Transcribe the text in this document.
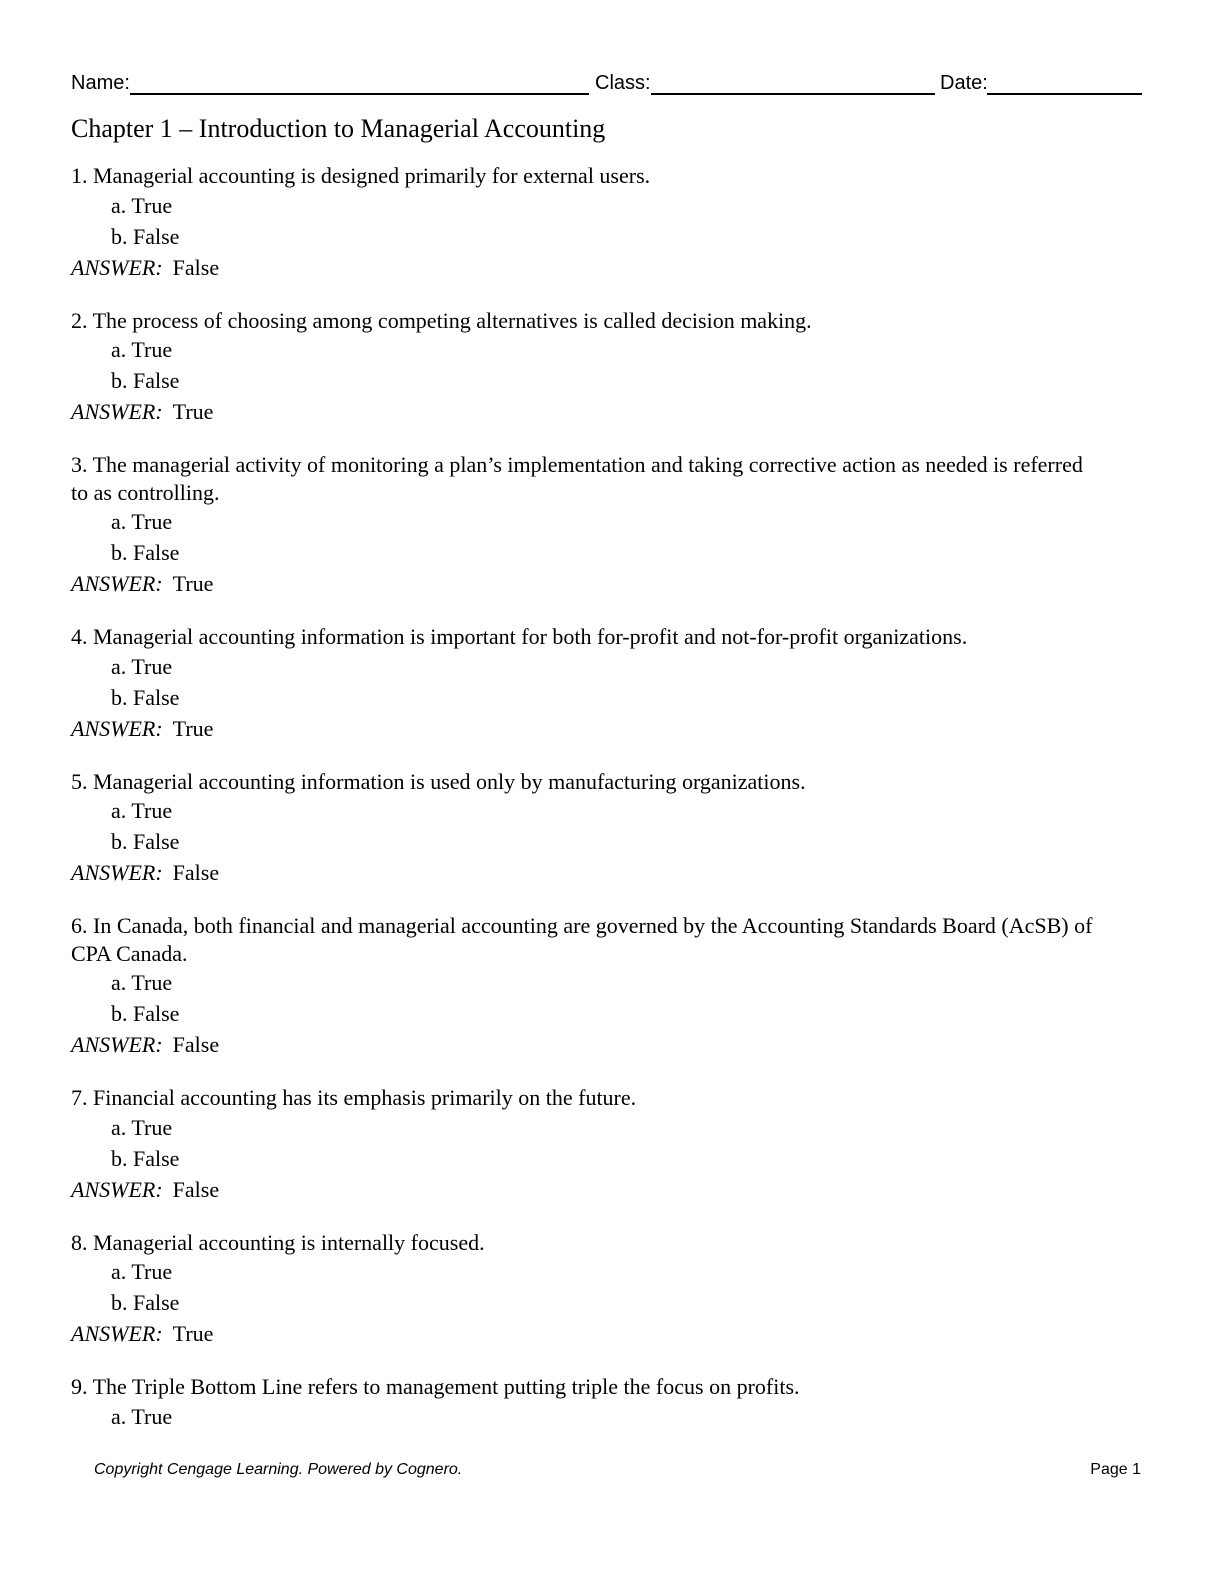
Name:	Class:	Date:
Chapter 1 – Introduction to Managerial Accounting
1. Managerial accounting is designed primarily for external users.
a. True
b. False
ANSWER: False
2. The process of choosing among competing alternatives is called decision making.
a. True
b. False
ANSWER: True
3. The managerial activity of monitoring a plan’s implementation and taking corrective action as needed is referred to as controlling.
a. True
b. False
ANSWER: True
4. Managerial accounting information is important for both for-profit and not-for-profit organizations.
a. True
b. False
ANSWER: True
5. Managerial accounting information is used only by manufacturing organizations.
a. True
b. False
ANSWER: False
6. In Canada, both financial and managerial accounting are governed by the Accounting Standards Board (AcSB) of CPA Canada.
a. True
b. False
ANSWER: False
7. Financial accounting has its emphasis primarily on the future.
a. True
b. False
ANSWER: False
8. Managerial accounting is internally focused.
a. True
b. False
ANSWER: True
9. The Triple Bottom Line refers to management putting triple the focus on profits.
a. True
Copyright Cengage Learning. Powered by Cognero.	Page 1
